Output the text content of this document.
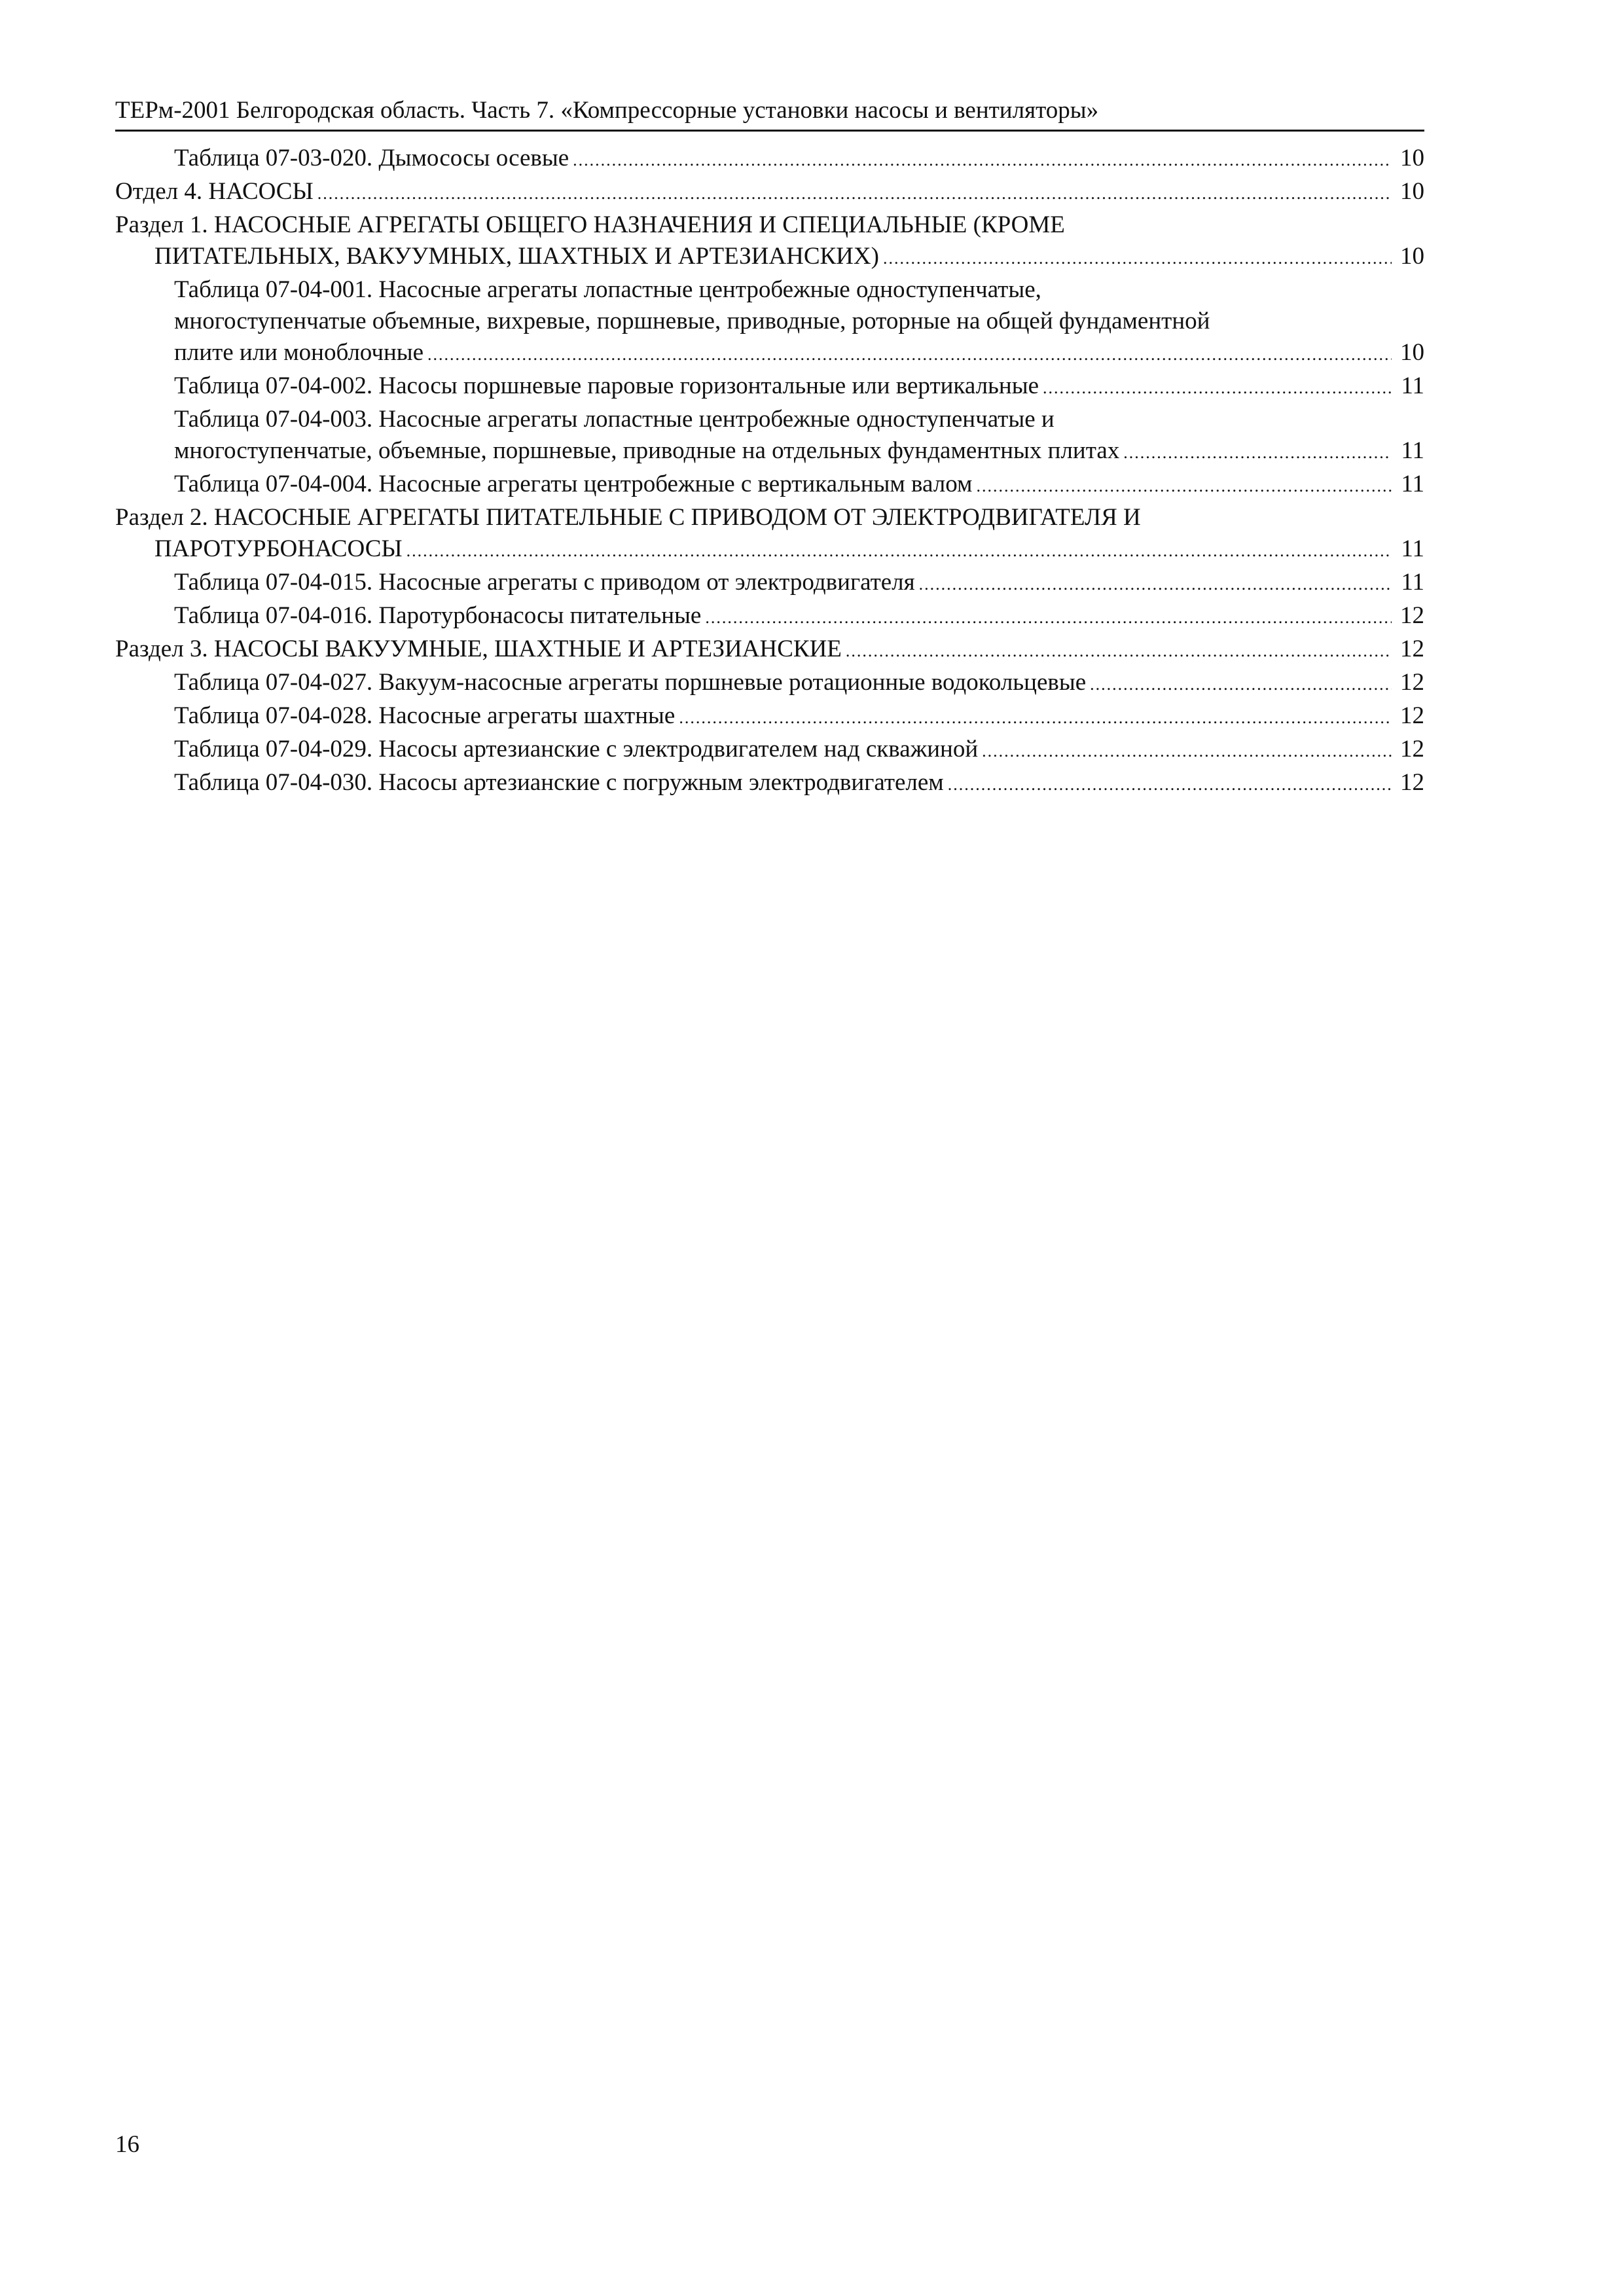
ТЕРм-2001 Белгородская область. Часть 7. «Компрессорные установки насосы и вентиляторы»
Таблица 07-03-020. Дымососы осевые .....	10
Отдел 4. НАСОСЫ .....	10
Раздел 1. НАСОСНЫЕ АГРЕГАТЫ ОБЩЕГО НАЗНАЧЕНИЯ И СПЕЦИАЛЬНЫЕ (КРОМЕ
ПИТАТЕЛЬНЫХ, ВАКУУМНЫХ, ШАХТНЫХ И АРТЕЗИАНСКИХ) .....	10
Таблица 07-04-001. Насосные агрегаты лопастные центробежные одноступенчатые,
многоступенчатые объемные, вихревые, поршневые, приводные, роторные на общей фундаментной
плите или моноблочные .....	10
Таблица 07-04-002. Насосы поршневые паровые горизонтальные или вертикальные .....	11
Таблица 07-04-003. Насосные агрегаты лопастные центробежные одноступенчатые и
многоступенчатые, объемные, поршневые, приводные на отдельных фундаментных плитах .....	11
Таблица 07-04-004. Насосные агрегаты центробежные с вертикальным валом .....	11
Раздел 2. НАСОСНЫЕ АГРЕГАТЫ ПИТАТЕЛЬНЫЕ С ПРИВОДОМ ОТ ЭЛЕКТРОДВИГАТЕЛЯ И
ПАРОТУРБОНАСОСЫ .....	11
Таблица 07-04-015. Насосные агрегаты с приводом от электродвигателя .....	11
Таблица 07-04-016. Паротурбонасосы питательные .....	12
Раздел 3. НАСОСЫ ВАКУУМНЫЕ, ШАХТНЫЕ И АРТЕЗИАНСКИЕ .....	12
Таблица 07-04-027. Вакуум-насосные агрегаты поршневые ротационные водокольцевые .....	12
Таблица 07-04-028. Насосные агрегаты шахтные .....	12
Таблица 07-04-029. Насосы артезианские с электродвигателем над скважиной .....	12
Таблица 07-04-030. Насосы артезианские с погружным электродвигателем .....	12
16
